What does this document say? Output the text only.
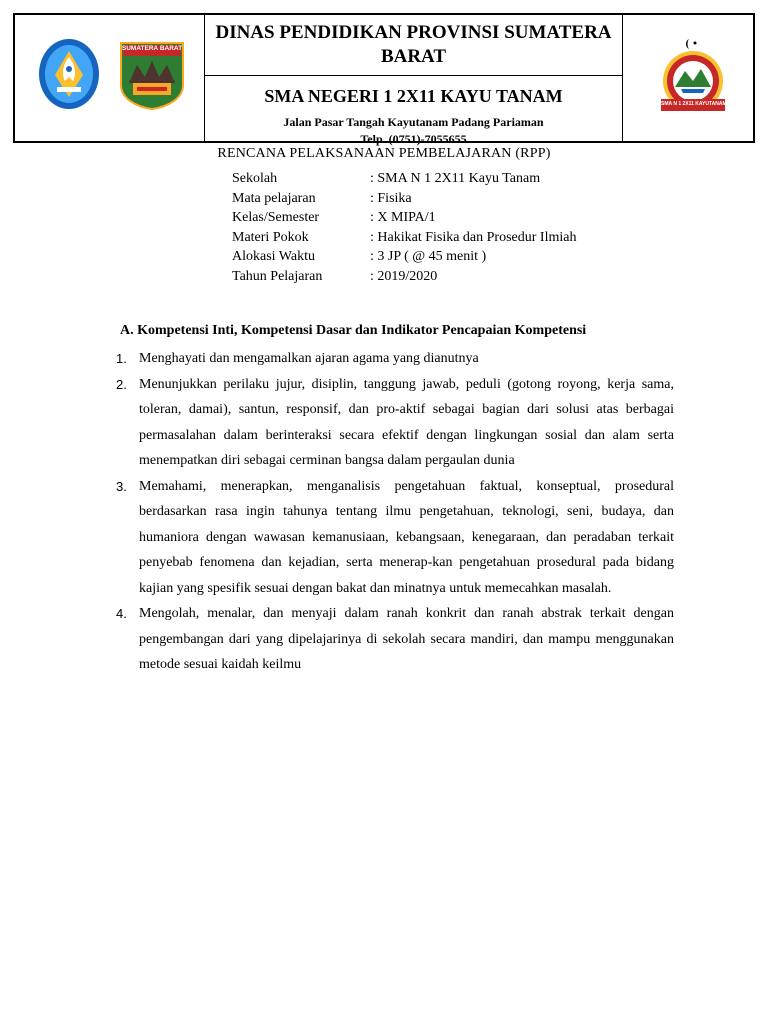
SUMATERA BARAT
DINAS PENDIDIKAN PROVINSI SUMATERA
BARAT
SMA NEGERI 1 2X11 KAYU TANAM
Jalan Pasar Tangah Kayutanam Padang Pariaman
Telp. (0751)-7055655
SMA N 1 2X11 KAYUTANAM
RENCANA PELAKSANAAN PEMBELAJARAN (RPP)
Sekolah	: SMA N 1 2X11 Kayu Tanam
Mata pelajaran	: Fisika
Kelas/Semester	: X MIPA/1
Materi Pokok	: Hakikat Fisika dan Prosedur Ilmiah
Alokasi Waktu	: 3 JP ( @ 45 menit )
Tahun Pelajaran	: 2019/2020
A. Kompetensi Inti, Kompetensi Dasar dan Indikator Pencapaian Kompetensi
1. Menghayati dan mengamalkan ajaran agama yang dianutnya
2. Menunjukkan perilaku jujur, disiplin, tanggung jawab, peduli (gotong royong, kerja sama, toleran, damai), santun, responsif, dan pro-aktif sebagai bagian dari solusi atas berbagai permasalahan dalam berinteraksi secara efektif dengan lingkungan sosial dan alam serta menempatkan diri sebagai cerminan bangsa dalam pergaulan dunia
3. Memahami, menerapkan, menganalisis pengetahuan faktual, konseptual, prosedural berdasarkan rasa ingin tahunya tentang ilmu pengetahuan, teknologi, seni, budaya, dan humaniora dengan wawasan kemanusiaan, kebangsaan, kenegaraan, dan peradaban terkait penyebab fenomena dan kejadian, serta menerap-kan pengetahuan prosedural pada bidang kajian yang spesifik sesuai dengan bakat dan minatnya untuk memecahkan masalah.
4. Mengolah, menalar, dan menyaji dalam ranah konkrit dan ranah abstrak terkait dengan pengembangan dari yang dipelajarinya di sekolah secara mandiri, dan mampu menggunakan metode sesuai kaidah keilmu
